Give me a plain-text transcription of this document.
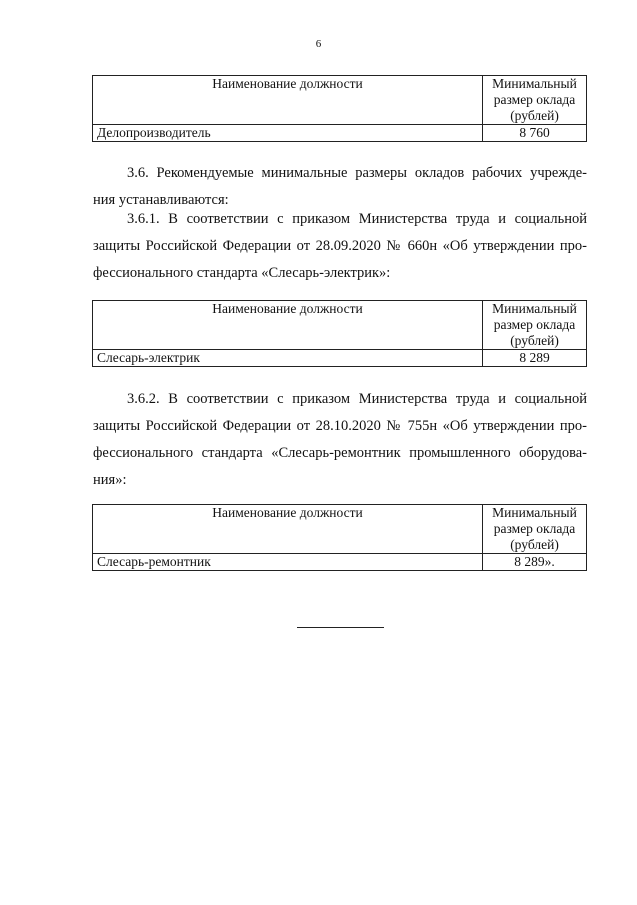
6
Наименование должности	Минимальный
размер оклада
(рублей)

Делопроизводитель	8 760
3.6. Рекомендуемые минимальные размеры окладов рабочих учрежде-
ния устанавливаются:
3.6.1. В соответствии с приказом Министерства труда и социальной
защиты Российской Федерации от 28.09.2020 № 660н «Об утверждении про-
фессионального стандарта «Слесарь-электрик»:
Наименование должности	Минимальный
размер оклада
(рублей)

Слесарь-электрик	8 289
3.6.2. В соответствии с приказом Министерства труда и социальной
защиты Российской Федерации от 28.10.2020 № 755н «Об утверждении про-
фессионального стандарта «Слесарь-ремонтник промышленного оборудова-
ния»:
Наименование должности	Минимальный
размер оклада
(рублей)

Слесарь-ремонтник	8 289».
